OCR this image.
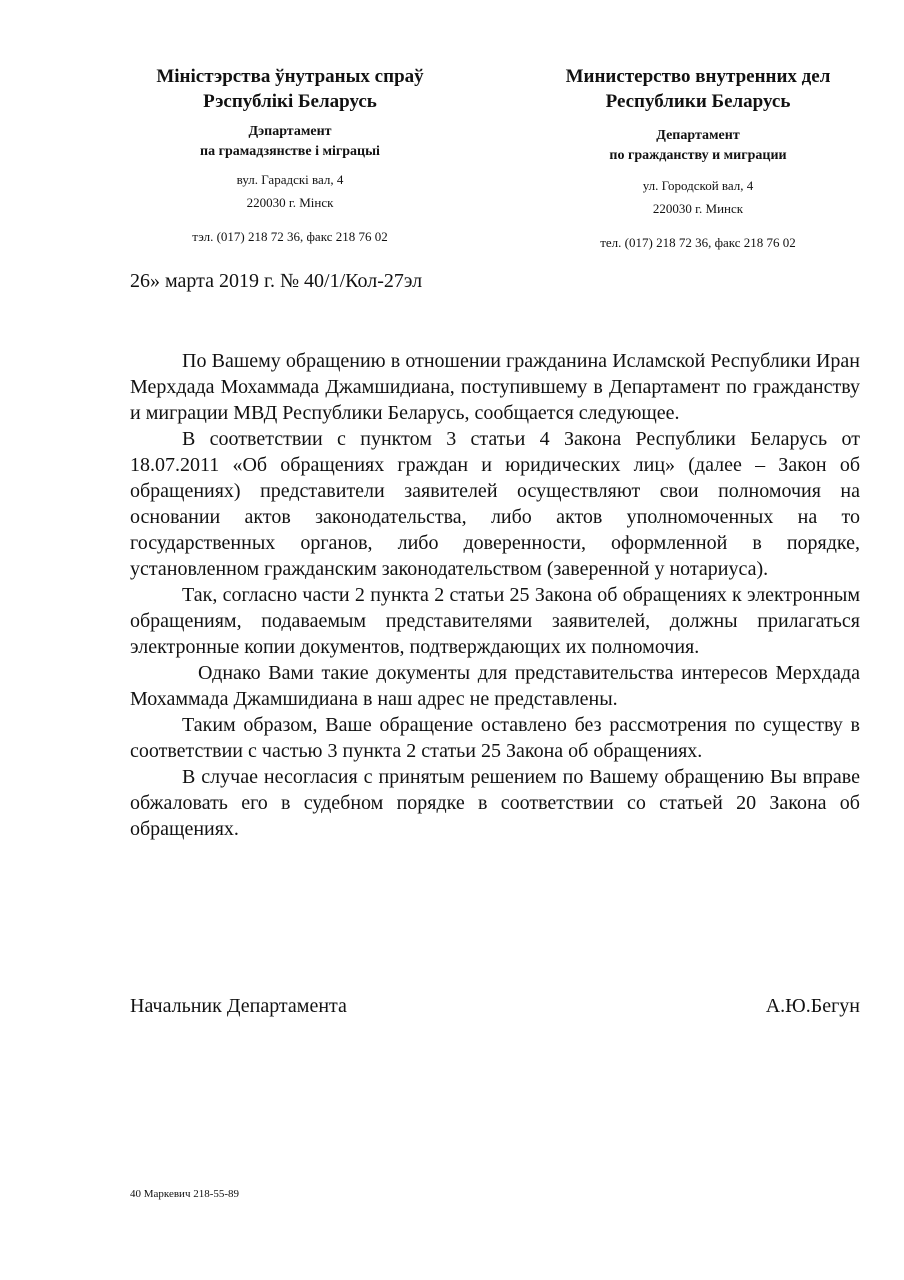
Міністэрства ўнутраных спраў
Рэспублікі Беларусь
Дэпартамент
па грамадзянстве і міграцыі
вул. Гарадскі вал, 4
220030 г. Мінск
тэл. (017) 218 72 36, факс 218 76 02
Министерство внутренних дел
Республики Беларусь
Департамент
по гражданству и миграции
ул. Городской вал, 4
220030 г. Минск
тел. (017) 218 72 36, факс 218 76 02
26» марта 2019 г. № 40/1/Кол-27эл

По Вашему обращению в отношении гражданина Исламской Республики Иран Мерхдада Мохаммада Джамшидиана, поступившему в Департамент по гражданству и миграции МВД Республики Беларусь, сообщается следующее.

В соответствии с пунктом 3 статьи 4 Закона Республики Беларусь от 18.07.2011 «Об обращениях граждан и юридических лиц» (далее – Закон об обращениях) представители заявителей осуществляют свои полномочия на основании актов законодательства, либо актов уполномоченных на то государственных органов, либо доверенности, оформленной в порядке, установленном гражданским законодательством (заверенной у нотариуса).

Так, согласно части 2 пункта 2 статьи 25 Закона об обращениях к электронным обращениям, подаваемым представителями заявителей, должны прилагаться электронные копии документов, подтверждающих их полномочия.

Однако Вами такие документы для представительства интересов Мерхдада Мохаммада Джамшидиана в наш адрес не представлены.

Таким образом, Ваше обращение оставлено без рассмотрения по существу в соответствии с частью 3 пункта 2 статьи 25 Закона об обращениях.

В случае несогласия с принятым решением по Вашему обращению Вы вправе обжаловать его в судебном порядке в соответствии со статьей 20 Закона об обращениях.

Начальник Департамента	А.Ю.Бегун
40 Маркевич 218-55-89
